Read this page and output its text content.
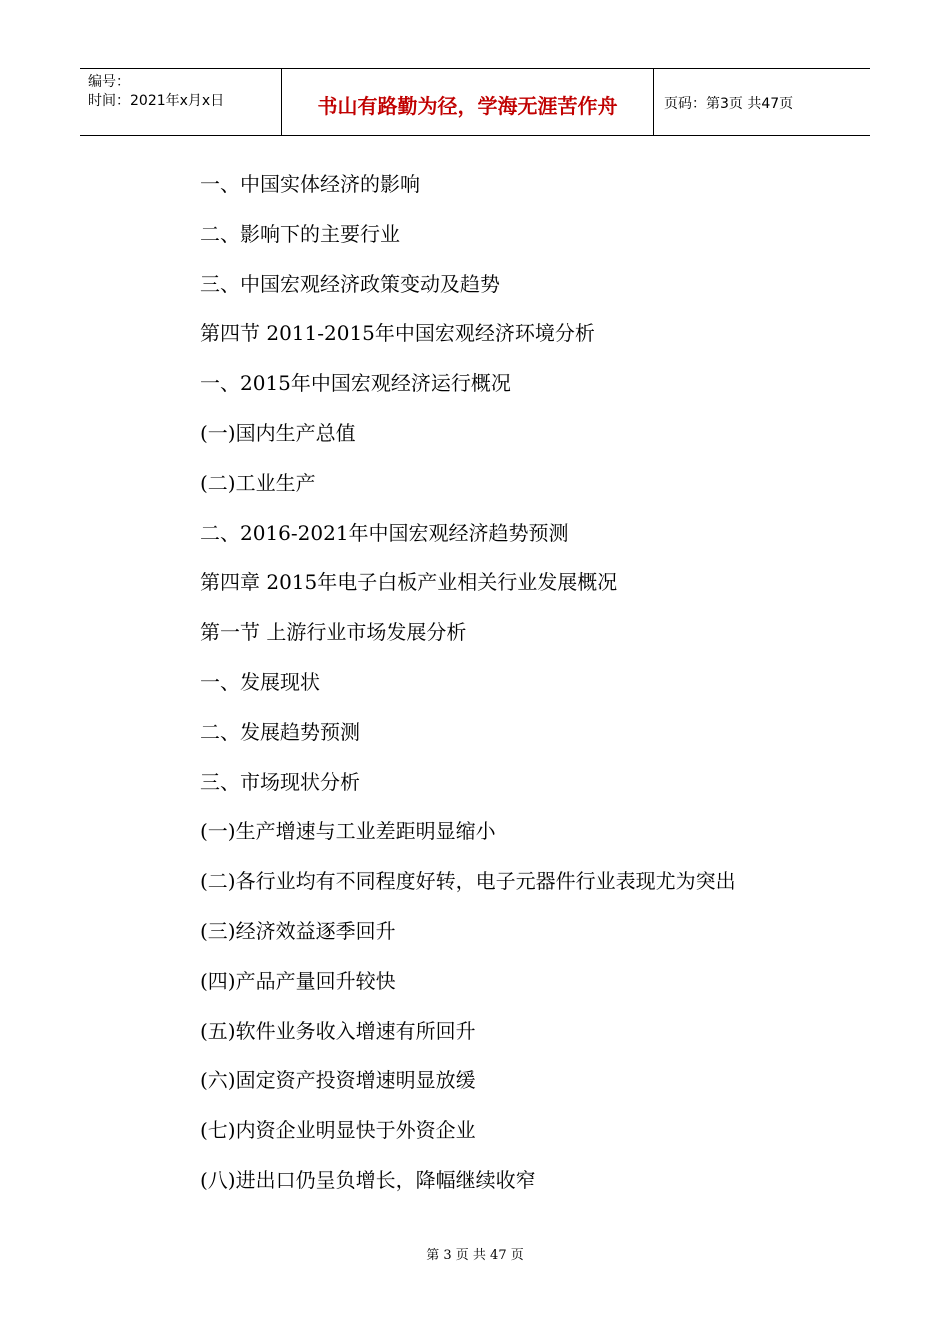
编号：
时间：2021年x月x日	书山有路勤为径，学海无涯苦作舟	页码：第3页 共47页
一、中国实体经济的影响
二、影响下的主要行业
三、中国宏观经济政策变动及趋势
第四节 2011-2015年中国宏观经济环境分析
一、2015年中国宏观经济运行概况
(一)国内生产总值
(二)工业生产
二、2016-2021年中国宏观经济趋势预测
第四章 2015年电子白板产业相关行业发展概况
第一节 上游行业市场发展分析
一、发展现状
二、发展趋势预测
三、市场现状分析
(一)生产增速与工业差距明显缩小
(二)各行业均有不同程度好转，电子元器件行业表现尤为突出
(三)经济效益逐季回升
(四)产品产量回升较快
(五)软件业务收入增速有所回升
(六)固定资产投资增速明显放缓
(七)内资企业明显快于外资企业
(八)进出口仍呈负增长，降幅继续收窄
第 3 页 共 47 页
